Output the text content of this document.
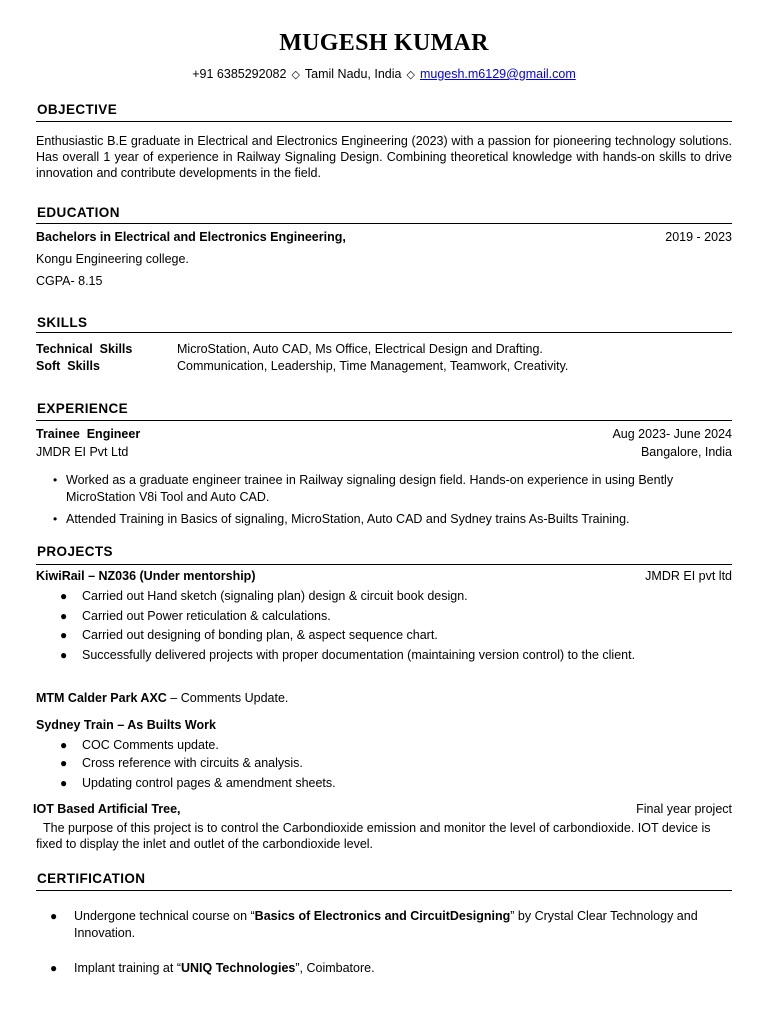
MUGESH KUMAR
+91 6385292082 ◇ Tamil Nadu, India ◇ mugesh.m6129@gmail.com
OBJECTIVE
Enthusiastic B.E graduate in Electrical and Electronics Engineering (2023) with a passion for pioneering technology solutions. Has overall 1 year of experience in Railway Signaling Design. Combining theoretical knowledge with hands-on skills to drive innovation and contribute developments in the field.
EDUCATION
Bachelors in Electrical and Electronics Engineering,	2019 - 2023
Kongu Engineering college.
CGPA- 8.15
SKILLS
Technical  Skills	MicroStation, Auto CAD, Ms Office, Electrical Design and Drafting.
Soft  Skills	Communication, Leadership, Time Management, Teamwork, Creativity.
EXPERIENCE
Trainee  Engineer	Aug 2023- June 2024
JMDR EI Pvt Ltd	Bangalore, India
• Worked as a graduate engineer trainee in Railway signaling design field. Hands-on experience in using Bently MicroStation V8i Tool and Auto CAD.
• Attended Training in Basics of signaling, MicroStation, Auto CAD and Sydney trains As-Builts Training.
PROJECTS
KiwiRail – NZ036 (Under mentorship)	JMDR EI pvt ltd
● Carried out Hand sketch (signaling plan) design & circuit book design.
● Carried out Power reticulation & calculations.
● Carried out designing of bonding plan, & aspect sequence chart.
● Successfully delivered projects with proper documentation (maintaining version control) to the client.
MTM Calder Park AXC – Comments Update.
Sydney Train – As Builts Work
● COC Comments update.
● Cross reference with circuits & analysis.
● Updating control pages & amendment sheets.
IOT Based Artificial Tree,	Final year project
The purpose of this project is to control the Carbondioxide emission and monitor the level of carbondioxide. IOT device is fixed to display the inlet and outlet of the carbondioxide level.
CERTIFICATION
● Undergone technical course on “Basics of Electronics and CircuitDesigning” by Crystal Clear Technology and Innovation.
● Implant training at “UNIQ Technologies”, Coimbatore.
